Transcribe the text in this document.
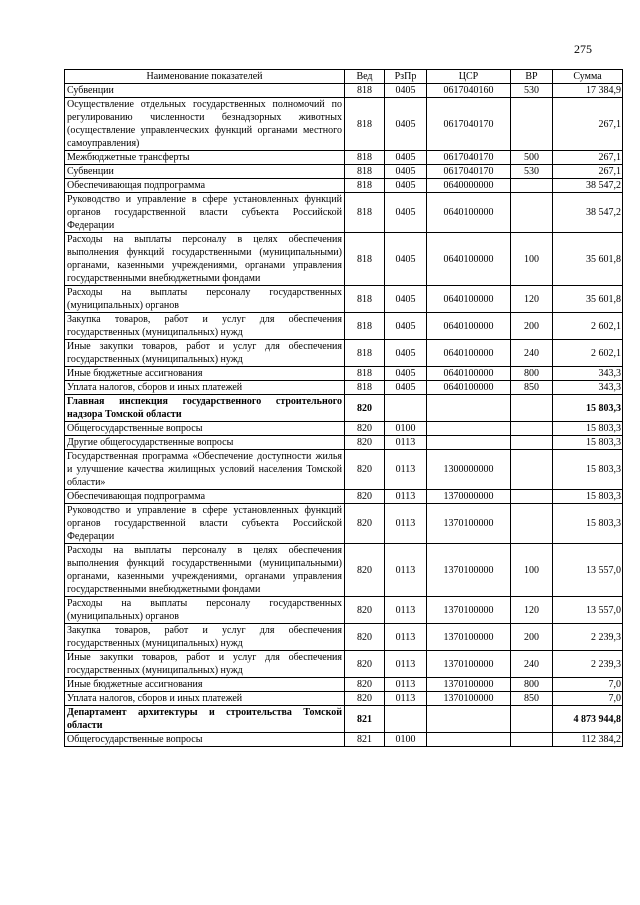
275
Наименование показателей	Вед	РзПр	ЦСР	ВР	Сумма
Субвенции	818	0405	0617040160	530	17 384,9
Осуществление отдельных государственных полномочий по регулированию численности безнадзорных животных (осуществление управленческих функций органами местного самоуправления)	818	0405	0617040170		267,1
Межбюджетные трансферты	818	0405	0617040170	500	267,1
Субвенции	818	0405	0617040170	530	267,1
Обеспечивающая подпрограмма	818	0405	0640000000		38 547,2
Руководство и управление в сфере установленных функций органов государственной власти субъекта Российской Федерации	818	0405	0640100000		38 547,2
Расходы на выплаты персоналу в целях обеспечения выполнения функций государственными (муниципальными) органами, казенными учреждениями, органами управления государственными внебюджетными фондами	818	0405	0640100000	100	35 601,8
Расходы на выплаты персоналу государственных (муниципальных) органов	818	0405	0640100000	120	35 601,8
Закупка товаров, работ и услуг для обеспечения государственных (муниципальных) нужд	818	0405	0640100000	200	2 602,1
Иные закупки товаров, работ и услуг для обеспечения государственных (муниципальных) нужд	818	0405	0640100000	240	2 602,1
Иные бюджетные ассигнования	818	0405	0640100000	800	343,3
Уплата налогов, сборов и иных платежей	818	0405	0640100000	850	343,3
Главная инспекция государственного строительного надзора Томской области	820				15 803,3
Общегосударственные вопросы	820	0100			15 803,3
Другие общегосударственные вопросы	820	0113			15 803,3
Государственная программа «Обеспечение доступности жилья и улучшение качества жилищных условий населения Томской области»	820	0113	1300000000		15 803,3
Обеспечивающая подпрограмма	820	0113	1370000000		15 803,3
Руководство и управление в сфере установленных функций органов государственной власти субъекта Российской Федерации	820	0113	1370100000		15 803,3
Расходы на выплаты персоналу в целях обеспечения выполнения функций государственными (муниципальными) органами, казенными учреждениями, органами управления государственными внебюджетными фондами	820	0113	1370100000	100	13 557,0
Расходы на выплаты персоналу государственных (муниципальных) органов	820	0113	1370100000	120	13 557,0
Закупка товаров, работ и услуг для обеспечения государственных (муниципальных) нужд	820	0113	1370100000	200	2 239,3
Иные закупки товаров, работ и услуг для обеспечения государственных (муниципальных) нужд	820	0113	1370100000	240	2 239,3
Иные бюджетные ассигнования	820	0113	1370100000	800	7,0
Уплата налогов, сборов и иных платежей	820	0113	1370100000	850	7,0
Департамент архитектуры и строительства Томской области	821				4 873 944,8
Общегосударственные вопросы	821	0100			112 384,2
